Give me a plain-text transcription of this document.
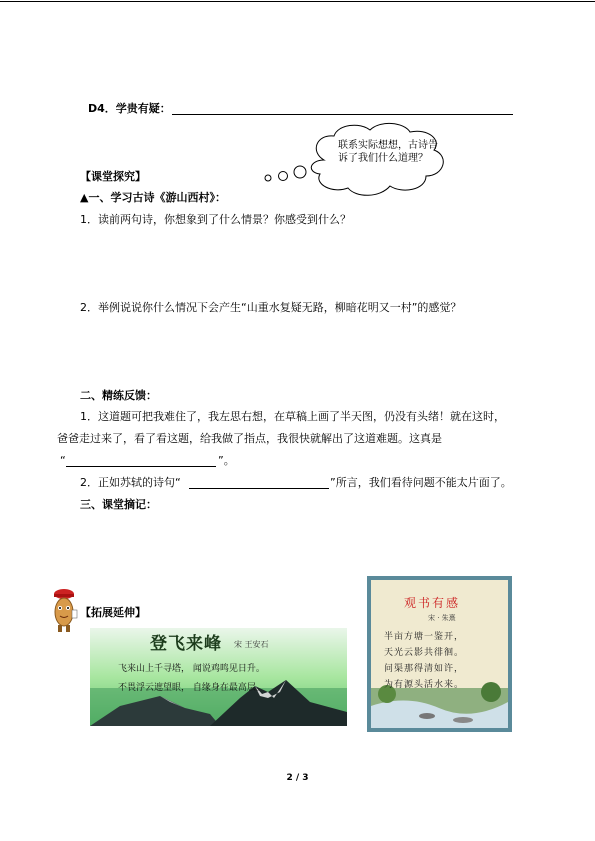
D4．学贵有疑：
联系实际想想，古诗告诉了我们什么道理？
【课堂探究】
▲一、学习古诗《游山西村》：
1．读前两句诗，你想象到了什么情景？你感受到什么？
2．举例说说你什么情况下会产生“山重水复疑无路，柳暗花明又一村”的感觉？
二、精练反馈：
1．这道题可把我难住了，我左思右想，在草稿上画了半天图，仍没有头绪！就在这时，
爸爸走过来了，看了看这题，给我做了指点，我很快就解出了这道难题。这真是
“	”。
2．正如苏轼的诗句“	”所言，我们看待问题不能太片面了。
三、课堂摘记：
【拓展延伸】
登飞来峰 宋 王安石
飞来山上千寻塔， 闻说鸡鸣见日升。
不畏浮云遮望眼， 自缘身在最高层。
观书有感
宋 · 朱熹
半亩方塘一鉴开，
天光云影共徘徊。
问渠那得清如许，
为有源头活水来。
2 / 3
